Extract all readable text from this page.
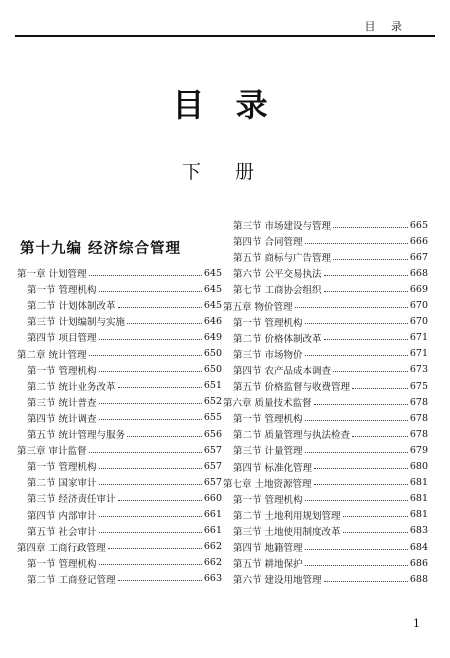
目 录
目 录
下 册
第十九编 经济综合管理
第一章 计划管理	645
第一节 管理机构	645
第二节 计划体制改革	645
第三节 计划编制与实施	646
第四节 项目管理	649
第二章 统计管理	650
第一节 管理机构	650
第二节 统计业务改革	651
第三节 统计普查	652
第四节 统计调查	655
第五节 统计管理与服务	656
第三章 审计监督	657
第一节 管理机构	657
第二节 国家审计	657
第三节 经济责任审计	660
第四节 内部审计	661
第五节 社会审计	661
第四章 工商行政管理	662
第一节 管理机构	662
第二节 工商登记管理	663
第三节 市场建设与管理	665
第四节 合同管理	666
第五节 商标与广告管理	667
第六节 公平交易执法	668
第七节 工商协会组织	669
第五章 物价管理	670
第一节 管理机构	670
第二节 价格体制改革	671
第三节 市场物价	671
第四节 农产品成本调查	673
第五节 价格监督与收费管理	675
第六章 质量技术监督	678
第一节 管理机构	678
第二节 质量管理与执法检查	678
第三节 计量管理	679
第四节 标准化管理	680
第七章 土地资源管理	681
第一节 管理机构	681
第二节 土地利用规划管理	681
第三节 土地使用制度改革	683
第四节 地籍管理	684
第五节 耕地保护	686
第六节 建设用地管理	688
1
